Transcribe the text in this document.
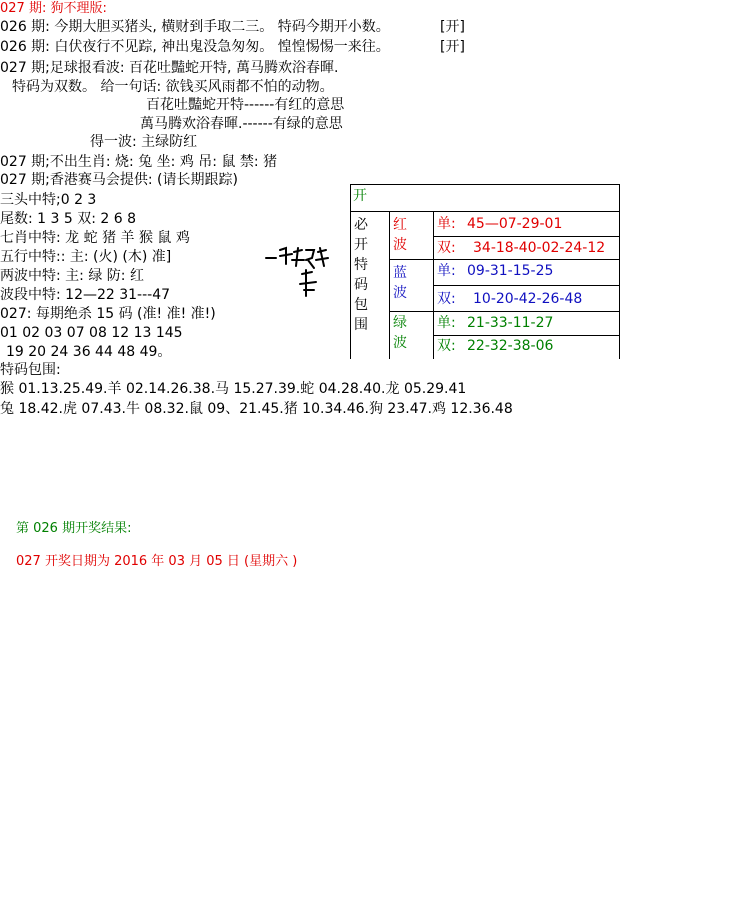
027 期: 狗不理版:
026 期: 今期大胆买猪头, 横财到手取二三。 特码今期开小数。	[开]
026 期: 白伏夜行不见踪, 神出鬼没急匆匆。 惶惶惕惕一来往。	[开]
027 期;足球报看波: 百花吐豔蛇开特, 萬马腾欢浴春暉.
特码为双数。 给一句话: 欲钱买风雨都不怕的动物。
百花吐豔蛇开特------有红的意思
萬马腾欢浴春暉.------有绿的意思
得一波: 主绿防红
027 期;不出生肖: 烧: 兔 坐: 鸡 吊: 鼠 禁: 猪
027 期;香港赛马会提供: (请长期跟踪)
三头中特;0 2 3
尾数: 1 3 5 双: 2 6 8
七肖中特: 龙 蛇 猪 羊 猴 鼠 鸡
五行中特:: 主: (火) (木) 准]
两波中特: 主: 绿 防: 红
波段中特: 12—22 31---47
027: 每期绝杀 15 码 (准! 准! 准!)
01 02 03 07 08 12 13 145
19 20 24 36 44 48 49。
特码包围:
猴 01.13.25.49.羊 02.14.26.38.马 15.27.39.蛇 04.28.40.龙 05.29.41
兔 18.42.虎 07.43.牛 08.32.鼠 09、21.45.猪 10.34.46.狗 23.47.鸡 12.36.48
开
必开特码包围
红波
单: 45—07-29-01
双: 34-18-40-02-24-12
蓝波
单: 09-31-15-25
双: 10-20-42-26-48
绿波
单: 21-33-11-27
双: 22-32-38-06
第 026 期开奖结果:
027 开奖日期为 2016 年 03 月 05 日 (星期六 )
